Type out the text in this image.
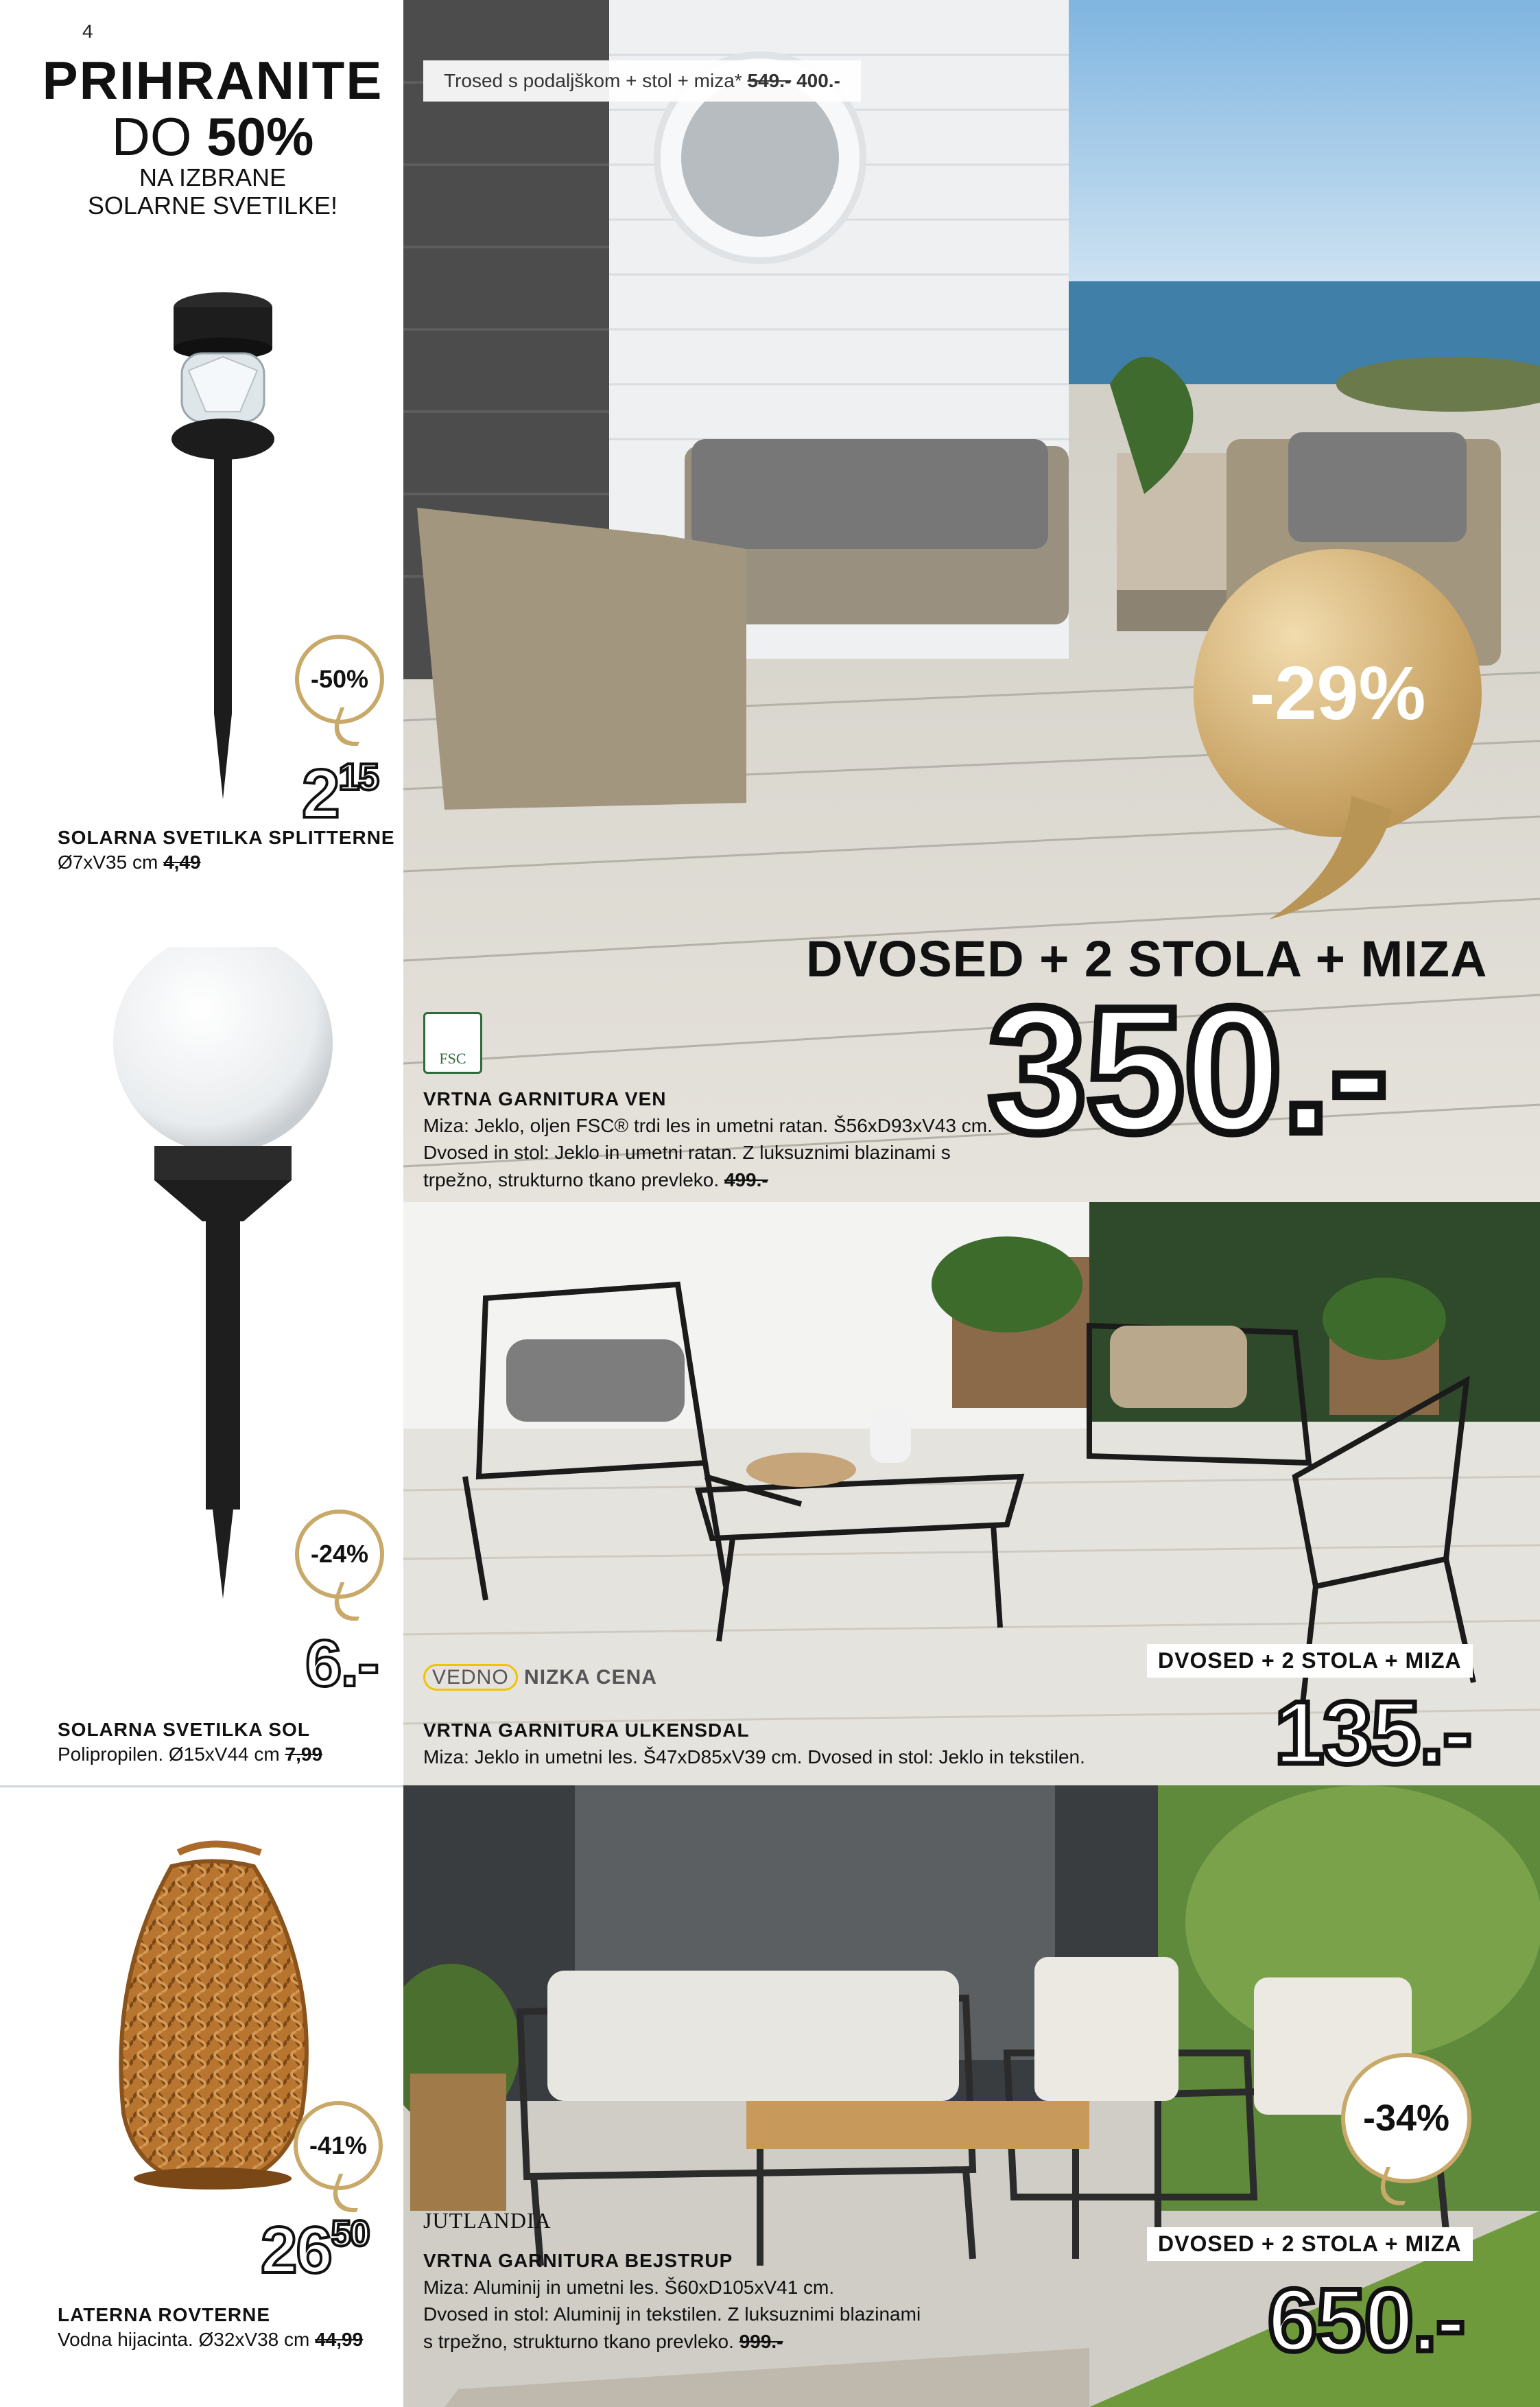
4
PRIHRANITE
DO 50%
NA IZBRANE
SOLARNE SVETILKE!
-50%
$2^{15}$
SOLARNA SVETILKA SPLITTERNE
Ø7xV35 cm 4,49
-24%
6.-
SOLARNA SVETILKA SOL
Polipropilen. Ø15xV44 cm 7,99
-41%
$26^{50}$
LATERNA ROVTERNE
Vodna hijacinta. Ø32xV38 cm 44,99
Trosed s podaljškom + stol + miza* 549.- 400.-
-29%
DVOSED + 2 STOLA + MIZA
350.-
FSC
VRTNA GARNITURA VEN
Miza: Jeklo, oljen FSC® trdi les in umetni ratan. Š56xD93xV43 cm.
Dvosed in stol: Jeklo in umetni ratan. Z luksuznimi blazinami s
trpežno, strukturno tkano prevleko. 499.-
VEDNO NIZKA CENA
DVOSED + 2 STOLA + MIZA
135.-
VRTNA GARNITURA ULKENSDAL
Miza: Jeklo in umetni les. Š47xD85xV39 cm. Dvosed in stol: Jeklo in tekstilen.
JUTLANDIA
-34%
DVOSED + 2 STOLA + MIZA
650.-
VRTNA GARNITURA BEJSTRUP
Miza: Aluminij in umetni les. Š60xD105xV41 cm.
Dvosed in stol: Aluminij in tekstilen. Z luksuznimi blazinami
s trpežno, strukturno tkano prevleko. 999.-
